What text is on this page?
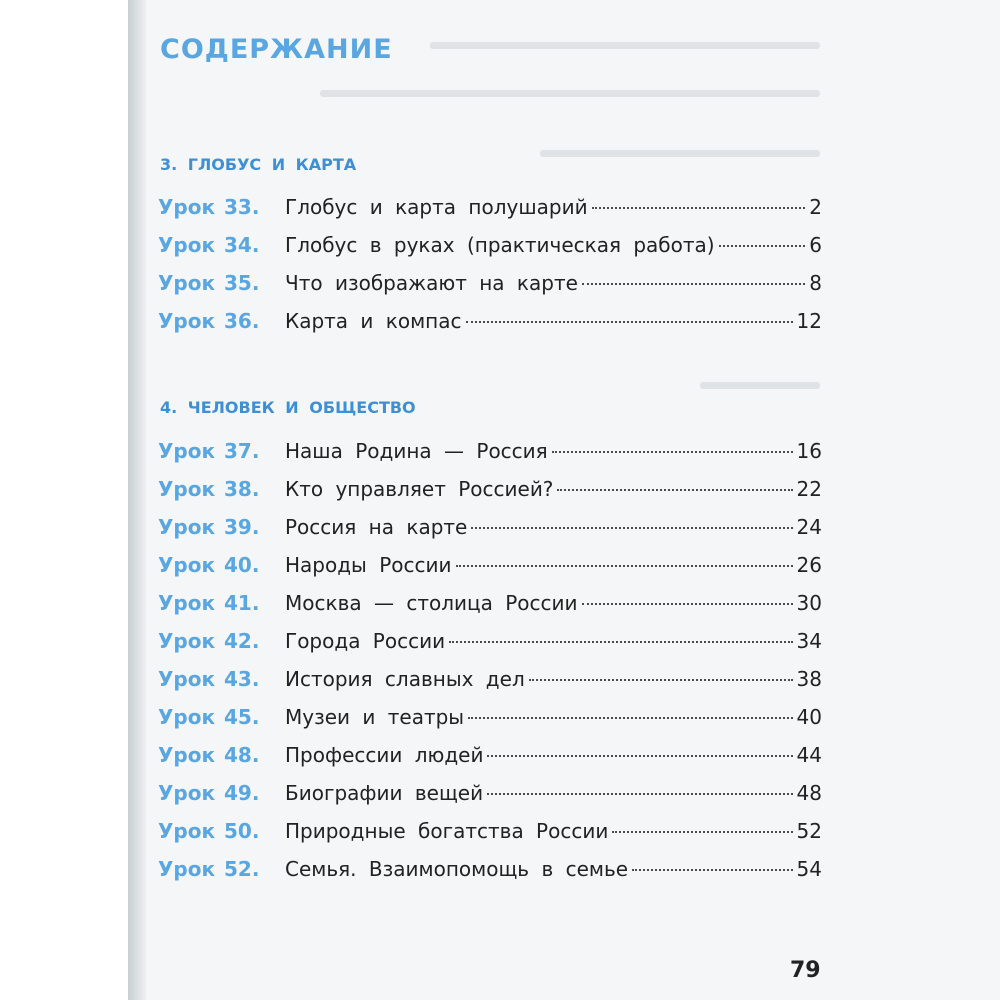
СОДЕРЖАНИЕ
3. ГЛОБУС И КАРТА
Урок 33.	Глобус и карта полушарий	2
Урок 34.	Глобус в руках (практическая работа)	6
Урок 35.	Что изображают на карте	8
Урок 36.	Карта и компас	12
4. ЧЕЛОВЕК И ОБЩЕСТВО
Урок 37.	Наша Родина — Россия	16
Урок 38.	Кто управляет Россией?	22
Урок 39.	Россия на карте	24
Урок 40.	Народы России	26
Урок 41.	Москва — столица России	30
Урок 42.	Города России	34
Урок 43.	История славных дел	38
Урок 45.	Музеи и театры	40
Урок 48.	Профессии людей	44
Урок 49.	Биографии вещей	48
Урок 50.	Природные богатства России	52
Урок 52.	Семья. Взаимопомощь в семье	54
79
